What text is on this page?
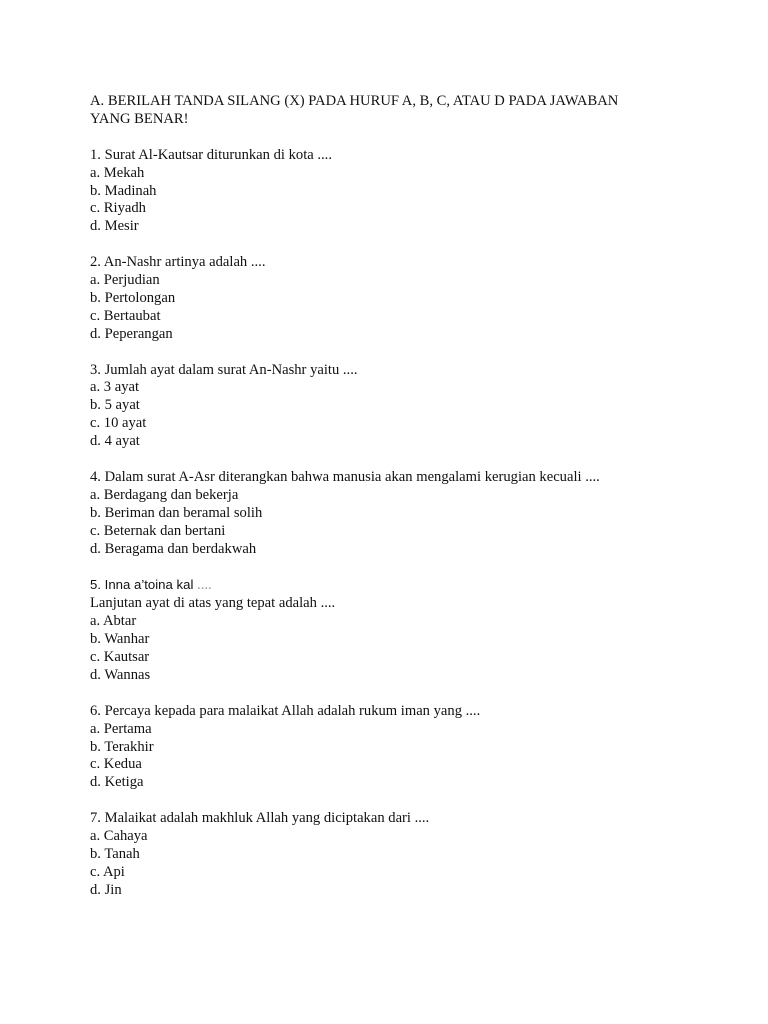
A. BERILAH TANDA SILANG (X) PADA HURUF A, B, C, ATAU D PADA JAWABAN
YANG BENAR!
1. Surat Al-Kautsar diturunkan di kota ....
a. Mekah
b. Madinah
c. Riyadh
d. Mesir
2. An-Nashr artinya adalah ....
a. Perjudian
b. Pertolongan
c. Bertaubat
d. Peperangan
3. Jumlah ayat dalam surat An-Nashr yaitu ....
a. 3 ayat
b. 5 ayat
c. 10 ayat
d. 4 ayat
4. Dalam surat A-Asr diterangkan bahwa manusia akan mengalami kerugian kecuali ....
a. Berdagang dan bekerja
b. Beriman dan beramal solih
c. Beternak dan bertani
d. Beragama dan berdakwah
5. Inna a’toina kal ....
Lanjutan ayat di atas yang tepat adalah ....
a. Abtar
b. Wanhar
c. Kautsar
d. Wannas
6. Percaya kepada para malaikat Allah adalah rukum iman yang ....
a. Pertama
b. Terakhir
c. Kedua
d. Ketiga
7. Malaikat adalah makhluk Allah yang diciptakan dari ....
a. Cahaya
b. Tanah
c. Api
d. Jin
